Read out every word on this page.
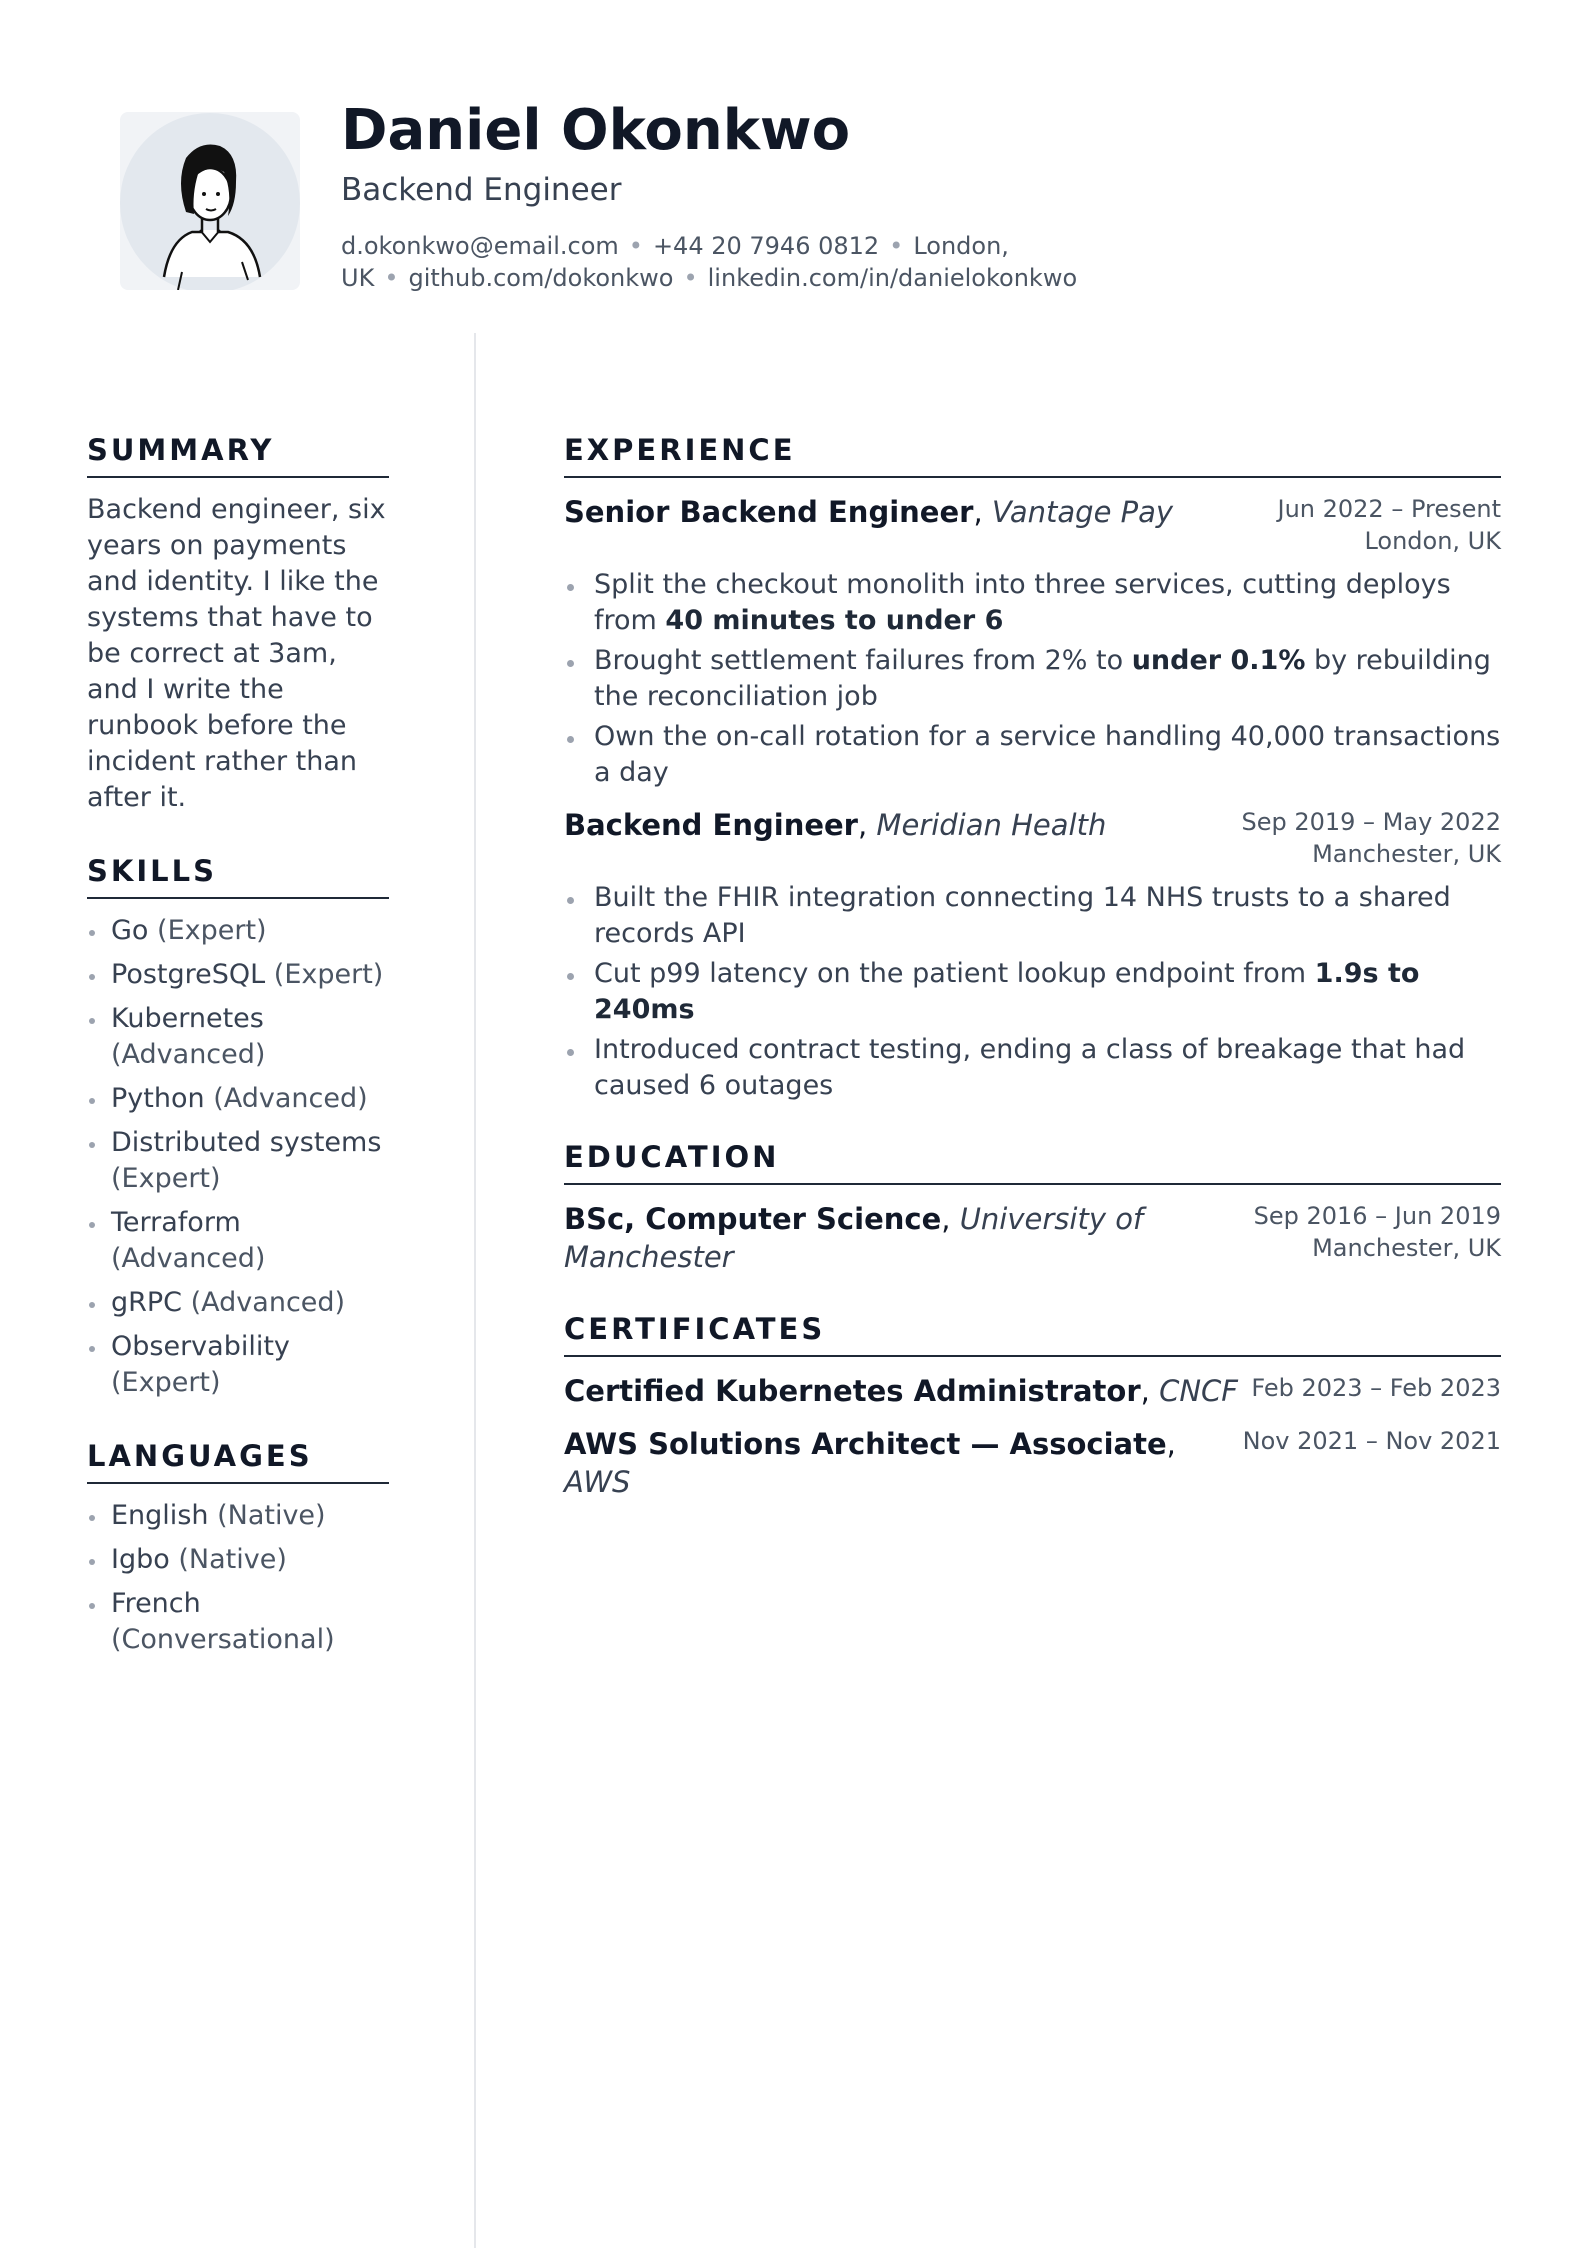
Daniel Okonkwo
Backend Engineer
d.okonkwo@email.com • +44 20 7946 0812 • London, UK • github.com/dokonkwo • linkedin.com/in/danielokonkwo
SUMMARY

Backend engineer, six years on payments and identity. I like the systems that have to be correct at 3am, and I write the runbook before the incident rather than after it.

SKILLS
Go (Expert)
PostgreSQL (Expert)
Kubernetes (Advanced)
Python (Advanced)
Distributed systems (Expert)
Terraform (Advanced)
gRPC (Advanced)
Observability (Expert)
LANGUAGES
English (Native)
Igbo (Native)
French (Conversational)
EXPERIENCE
Senior Backend Engineer, Vantage Pay	Jun 2022 – Present
London, UK
Split the checkout monolith into three services, cutting deploys from 40 minutes to under 6
Brought settlement failures from 2% to under 0.1% by rebuilding the reconciliation job
Own the on-call rotation for a service handling 40,000 transactions a day
Backend Engineer, Meridian Health	Sep 2019 – May 2022
Manchester, UK
Built the FHIR integration connecting 14 NHS trusts to a shared records API
Cut p99 latency on the patient lookup endpoint from 1.9s to 240ms
Introduced contract testing, ending a class of breakage that had caused 6 outages
EDUCATION
BSc, Computer Science, University of Manchester
Sep 2016 – Jun 2019
Manchester, UK
CERTIFICATES
Certified Kubernetes Administrator, CNCF Feb 2023 – Feb 2023
AWS Solutions Architect — Associate, AWS
Nov 2021 – Nov 2021
